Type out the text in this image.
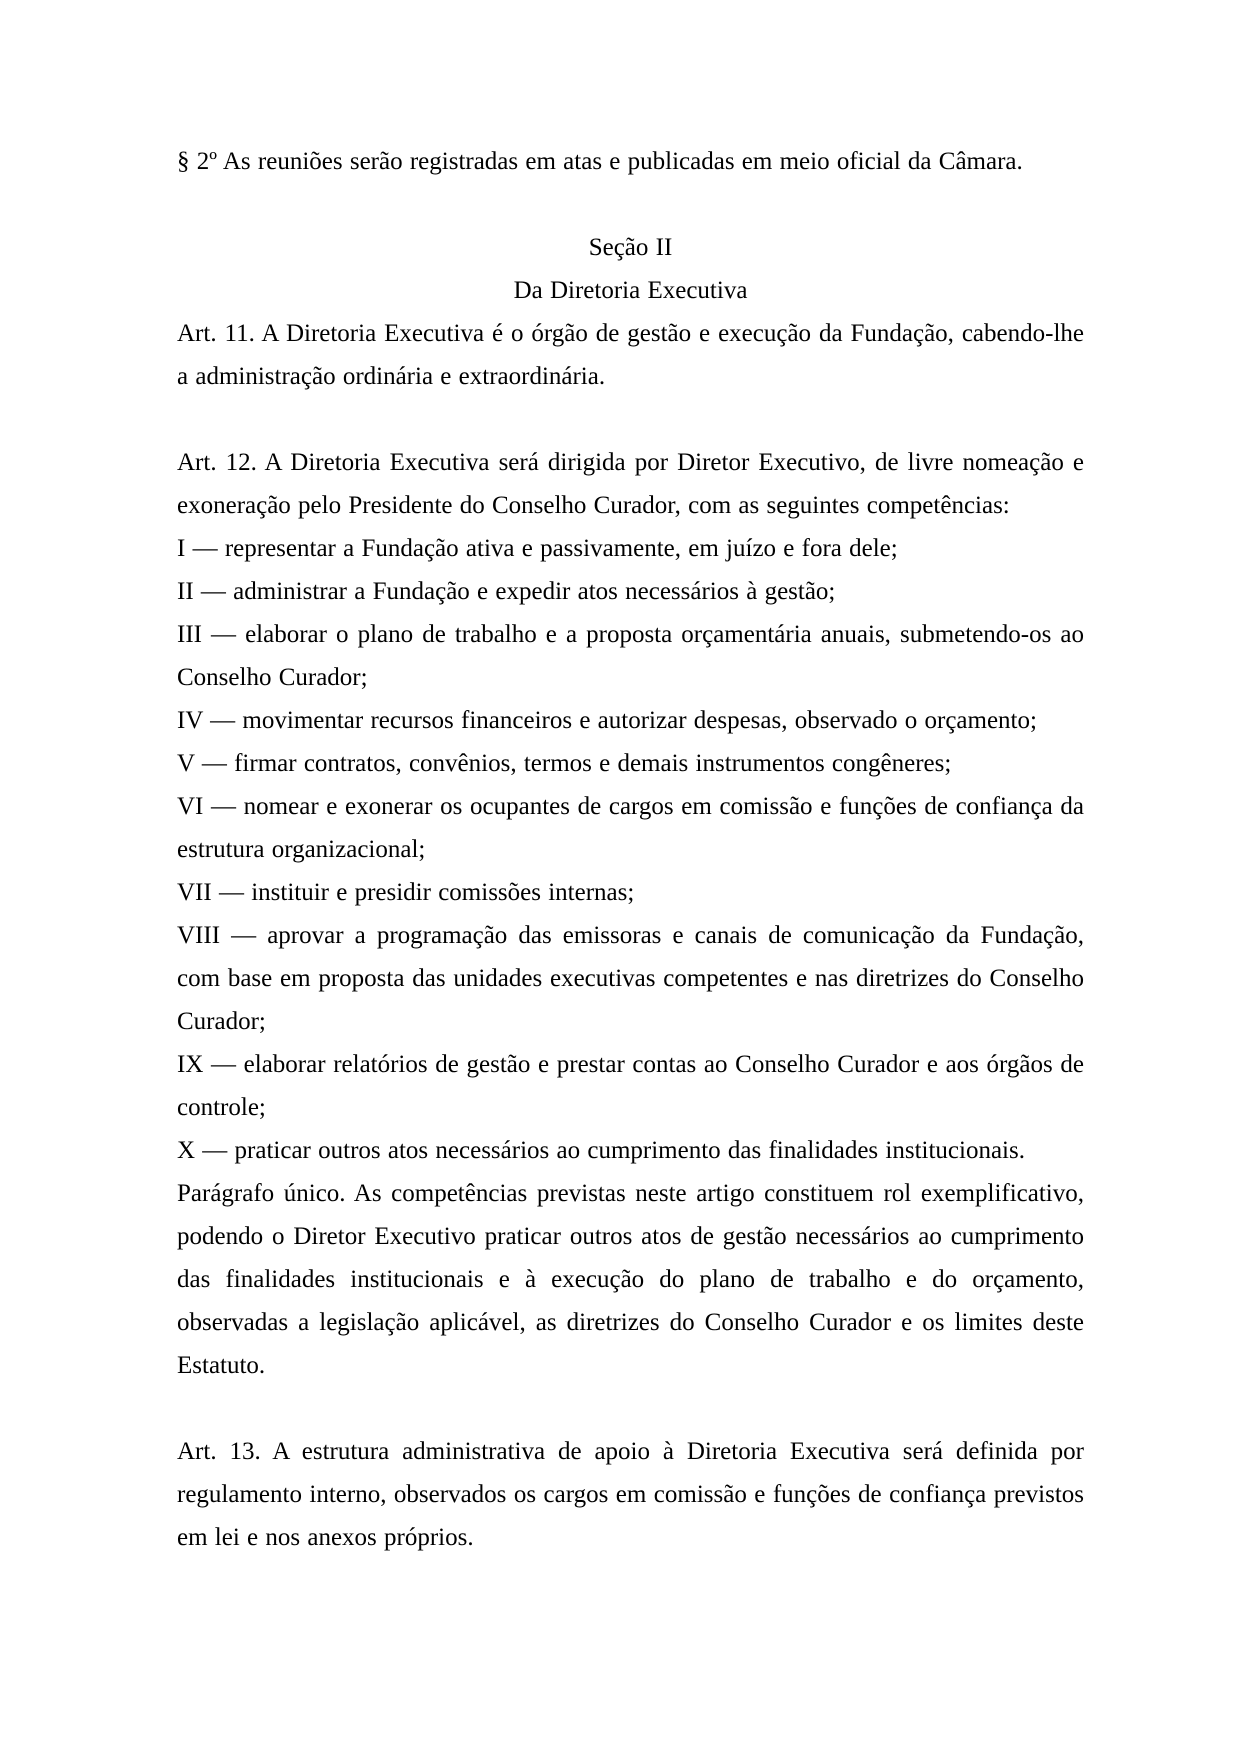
§ 2º As reuniões serão registradas em atas e publicadas em meio oficial da Câmara.

Seção II

Da Diretoria Executiva

Art. 11. A Diretoria Executiva é o órgão de gestão e execução da Fundação, cabendo-lhe a administração ordinária e extraordinária.

Art. 12. A Diretoria Executiva será dirigida por Diretor Executivo, de livre nomeação e exoneração pelo Presidente do Conselho Curador, com as seguintes competências:

I — representar a Fundação ativa e passivamente, em juízo e fora dele;

II — administrar a Fundação e expedir atos necessários à gestão;

III — elaborar o plano de trabalho e a proposta orçamentária anuais, submetendo-os ao Conselho Curador;

IV — movimentar recursos financeiros e autorizar despesas, observado o orçamento;

V — firmar contratos, convênios, termos e demais instrumentos congêneres;

VI — nomear e exonerar os ocupantes de cargos em comissão e funções de confiança da estrutura organizacional;

VII — instituir e presidir comissões internas;

VIII — aprovar a programação das emissoras e canais de comunicação da Fundação, com base em proposta das unidades executivas competentes e nas diretrizes do Conselho Curador;

IX — elaborar relatórios de gestão e prestar contas ao Conselho Curador e aos órgãos de controle;

X — praticar outros atos necessários ao cumprimento das finalidades institucionais.

Parágrafo único. As competências previstas neste artigo constituem rol exemplificativo, podendo o Diretor Executivo praticar outros atos de gestão necessários ao cumprimento das finalidades institucionais e à execução do plano de trabalho e do orçamento, observadas a legislação aplicável, as diretrizes do Conselho Curador e os limites deste Estatuto.

Art. 13. A estrutura administrativa de apoio à Diretoria Executiva será definida por regulamento interno, observados os cargos em comissão e funções de confiança previstos em lei e nos anexos próprios.
